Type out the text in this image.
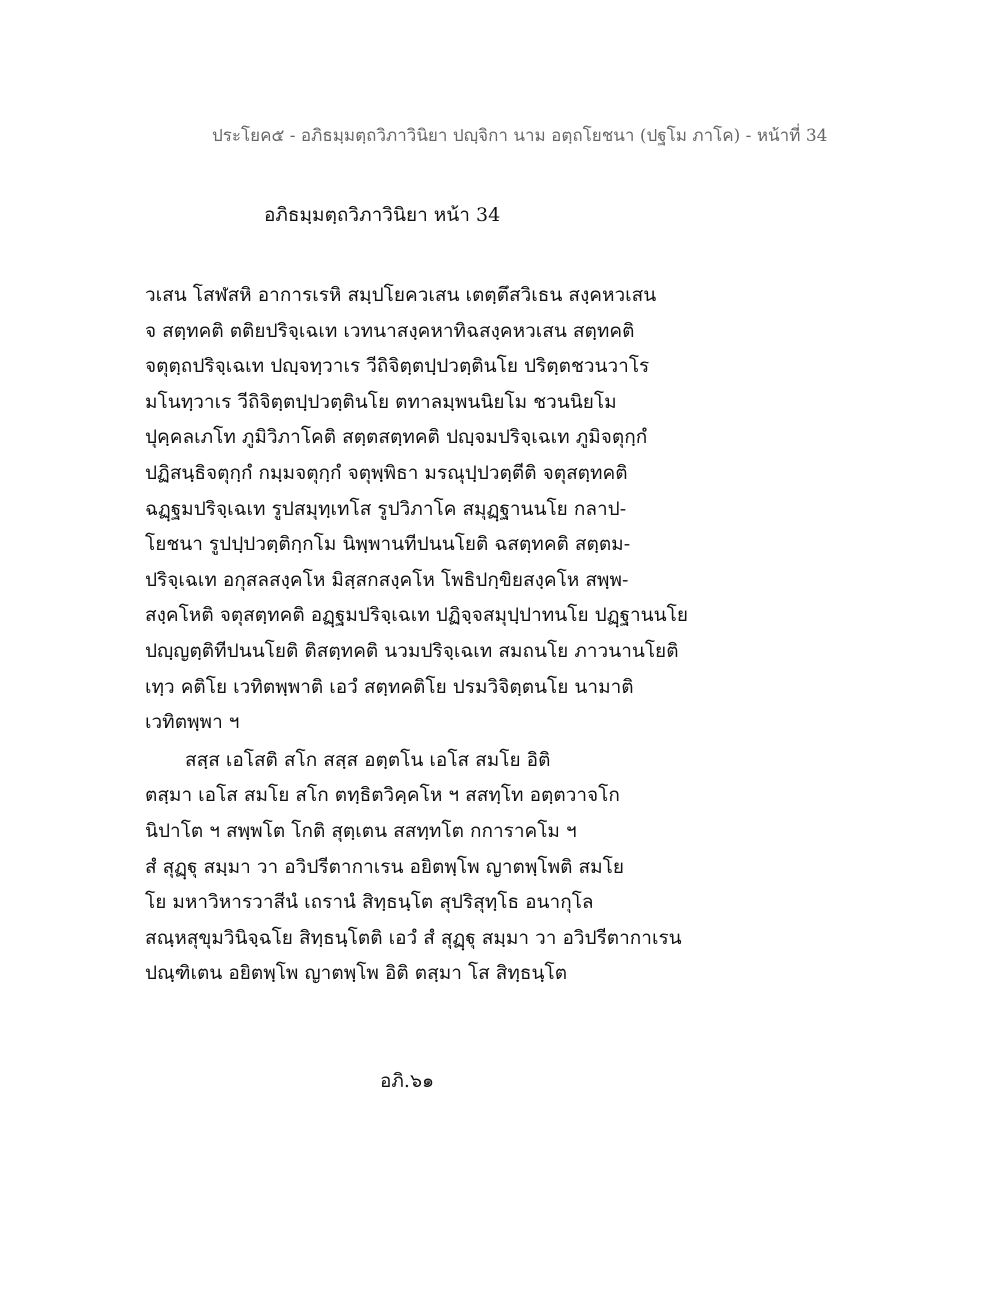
ประโยค๕ - อภิธมฺมตฺถวิภาวินิยา ปญฺจิกา นาม อตฺถโยชนา (ปฐโม ภาโค) - หน้าที่ 34
อภิธมฺมตฺถวิภาวินิยา หน้า 34
วเสน โสฬสหิ อาการเรหิ สมฺปโยควเสน เตตฺตึสวิเธน สงฺคหวเสน
จ สตฺทคติ ตติยปริจฺเฉเท เวทนาสงฺคหาทิฉสงฺคหวเสน สตฺทคติ
จตุตฺถปริจฺเฉเท ปญฺจทฺวาเร วีถิจิตฺตปฺปวตฺตินโย ปริตฺตชวนวาโร
มโนทฺวาเร วีถิจิตฺตปฺปวตฺตินโย ตทาลมฺพนนิยโม ชวนนิยโม
ปุคฺคลเภโท ภูมิวิภาโคติ สตฺตสตฺทคติ ปญฺจมปริจฺเฉเท ภูมิจตุกฺกํ
ปฏิสนฺธิจตุกฺกํ กมฺมจตุกฺกํ จตุพฺพิธา มรณุปฺปวตฺตีติ จตุสตฺทคติ
ฉฏฺฐมปริจฺเฉเท รูปสมุทฺเทโส รูปวิภาโค สมุฏฺฐานนโย กลาป-
โยชนา รูปปฺปวตฺติกฺกโม นิพฺพานทีปนนโยติ ฉสตฺทคติ สตฺตม-
ปริจฺเฉเท อกุสลสงฺคโห มิสฺสกสงฺคโห โพธิปกฺขิยสงฺคโห สพฺพ-
สงฺคโหติ จตุสตฺทคติ อฏฺฐมปริจฺเฉเท ปฏิจฺจสมุปฺปาทนโย ปฏฺฐานนโย
ปญฺญตฺติทีปนนโยติ ติสตฺทคติ นวมปริจฺเฉเท สมถนโย ภาวนานโยติ
เทฺว คติโย เวทิตพฺพาติ เอวํ สตฺทคติโย ปรมวิจิตฺตนโย นามาติ
เวทิตพฺพา ฯ
สสฺส เอโสติ สโก สสฺส อตฺตโน เอโส สมโย อิติ
ตสฺมา เอโส สมโย สโก ตทฺธิตวิคฺคโห ฯ สสทฺโท อตฺตวาจโก
นิปาโต ฯ สพฺพโต โกติ สุตฺเตน สสทฺทโต กการาคโม ฯ
สํ สุฏฺฐุ สมฺมา วา อวิปรีตากาเรน อยิตพฺโพ ญาตพฺโพติ สมโย
โย มหาวิหารวาสีนํ เถรานํ สิทฺธนฺโต สุปริสุทฺโธ อนากุโล
สณฺหสุขุมวินิจฺฉโย สิทฺธนฺโตติ เอวํ สํ สุฏฺฐุ สมฺมา วา อวิปรีตากาเรน
ปณฺฑิเตน อยิตพฺโพ ญาตพฺโพ อิติ ตสฺมา โส สิทฺธนฺโต
อภิ.๖๑
